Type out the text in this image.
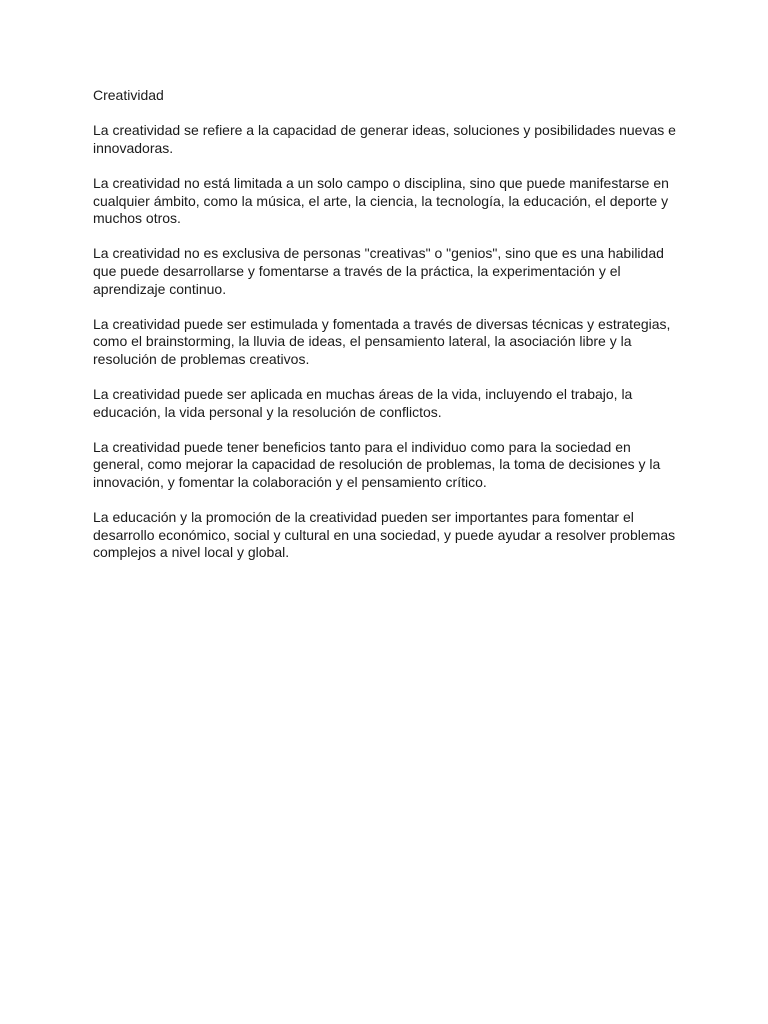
Creatividad

La creatividad se refiere a la capacidad de generar ideas, soluciones y posibilidades nuevas e innovadoras.

La creatividad no está limitada a un solo campo o disciplina, sino que puede manifestarse en cualquier ámbito, como la música, el arte, la ciencia, la tecnología, la educación, el deporte y muchos otros.

La creatividad no es exclusiva de personas "creativas" o "genios", sino que es una habilidad que puede desarrollarse y fomentarse a través de la práctica, la experimentación y el aprendizaje continuo.

La creatividad puede ser estimulada y fomentada a través de diversas técnicas y estrategias, como el brainstorming, la lluvia de ideas, el pensamiento lateral, la asociación libre y la resolución de problemas creativos.

La creatividad puede ser aplicada en muchas áreas de la vida, incluyendo el trabajo, la educación, la vida personal y la resolución de conflictos.

La creatividad puede tener beneficios tanto para el individuo como para la sociedad en general, como mejorar la capacidad de resolución de problemas, la toma de decisiones y la innovación, y fomentar la colaboración y el pensamiento crítico.

La educación y la promoción de la creatividad pueden ser importantes para fomentar el desarrollo económico, social y cultural en una sociedad, y puede ayudar a resolver problemas complejos a nivel local y global.
